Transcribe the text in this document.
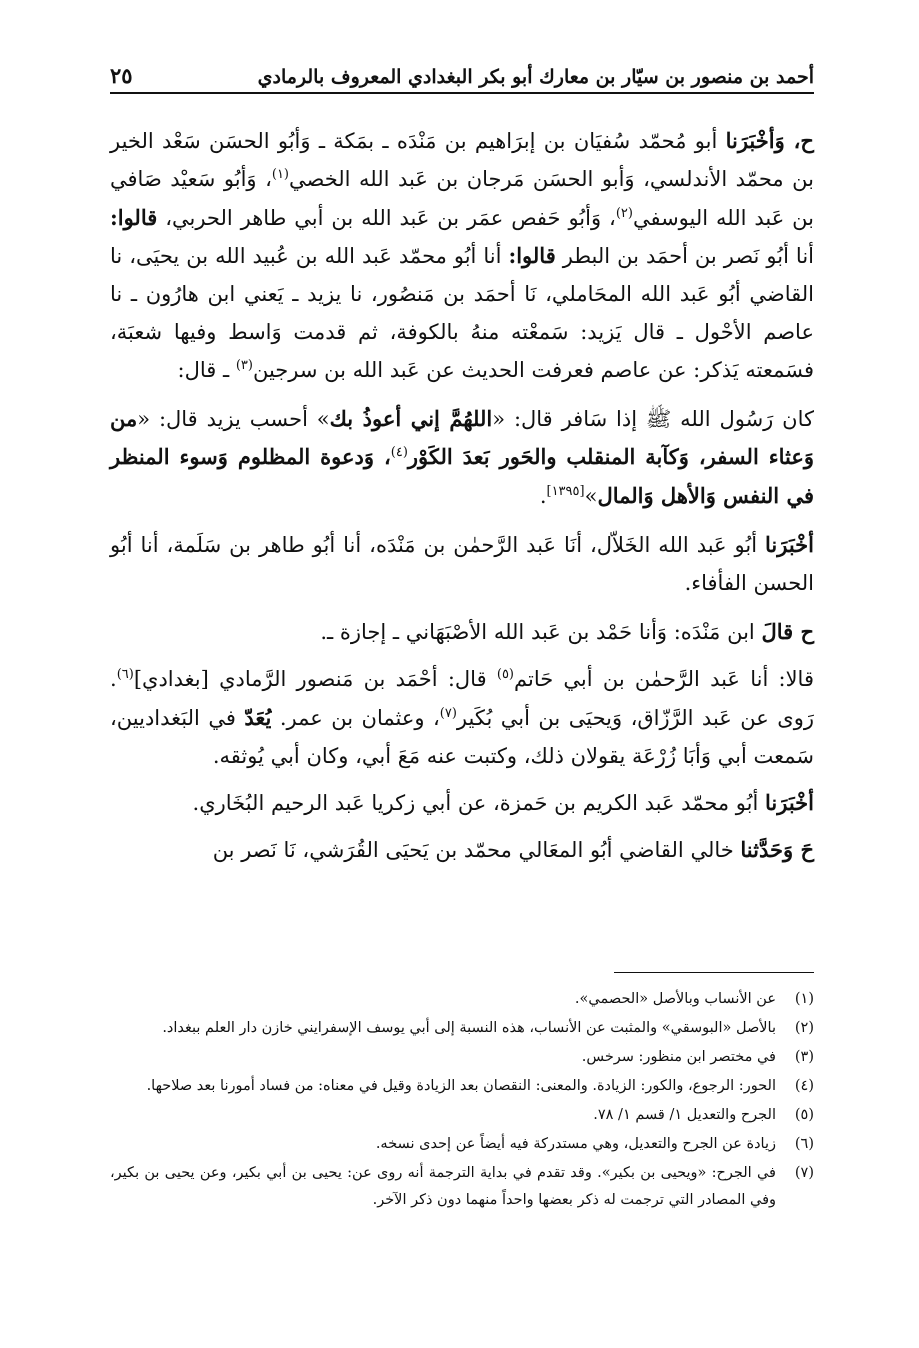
أحمد بن منصور بن سيّار بن معارك أبو بكر البغدادي المعروف بالرمادي
٢٥

ح، وَأخْبَرَنا أبو مُحمّد سُفيَان بن إبرَاهيم بن مَنْدَه ـ بمَكة ـ وَأبُو الحسَن سَعْد الخير بن محمّد الأندلسي، وَأبو الحسَن مَرجان بن عَبد الله الخصي$^{(١)}$، وَأبُو سَعيْد صَافي بن عَبد الله اليوسفي$^{(٢)}$، وَأبُو حَفص عمَر بن عَبد الله بن أبي طاهر الحربي، قالوا: أنا أبُو نَصر بن أحمَد بن البطر قالوا: أنا أبُو محمّد عَبد الله بن عُبيد الله بن يحيَى، نا القاضي أبُو عَبد الله المحَاملي، نَا أحمَد بن مَنصُور، نا يزيد ـ يَعني ابن هارُون ـ نا عاصم الأحْول ـ قال يَزيد: سَمعْته منهُ بالكوفة، ثم قدمت وَاسط وفيها شعبَة، فسَمعته يَذكر: عن عاصم فعرفت الحديث عن عَبد الله بن سرجين$^{(٣)}$ ـ قال:

كان رَسُول الله ﷺ إذا سَافر قال: «اللهُمَّ إني أعوذُ بك» أحسب يزيد قال: «من وَعثاء السفر، وَكآبة المنقلب والحَور بَعدَ الكَوْر$^{(٤)}$، وَدعوة المظلوم وَسوء المنظر في النفس وَالأهل وَالمال»[١٣٩٥].

أخْبَرَنا أبُو عَبد الله الخَلاّل، أنَا عَبد الرَّحمٰن بن مَنْدَه، أنا أبُو طاهر بن سَلَمة، أنا أبُو الحسن الفأفاء.

ح قالَ ابن مَنْدَه: وَأنا حَمْد بن عَبد الله الأصْبَهَاني ـ إجازة ـ.

قالا: أنا عَبد الرَّحمٰن بن أبي حَاتم$^{(٥)}$ قال: أحْمَد بن مَنصور الرَّمادي [بغدادي]$^{(٦)}$. رَوى عن عَبد الرَّزّاق، وَيحيَى بن أبي بُكَير$^{(٧)}$، وعثمان بن عمر. يُعَدّ في البَغداديين، سَمعت أبي وَأبَا زُرْعَة يقولان ذلك، وكتبت عنه مَعَ أبي، وكان أبي يُوثقه.

أخْبَرَنا أبُو محمّد عَبد الكريم بن حَمزة، عن أبي زكريا عَبد الرحيم البُخَاري.

حَ وَحَدَّثنا خالي القاضي أبُو المعَالي محمّد بن يَحيَى القُرَشي، نَا نَصر بن

(١)
عن الأنساب وبالأصل «الحصمي».
(٢)
بالأصل «البوسقي» والمثبت عن الأنساب، هذه النسبة إلى أبي يوسف الإسفرايني خازن دار العلم ببغداد.
(٣)
في مختصر ابن منظور: سرخس.
(٤)
الحور: الرجوع، والكور: الزيادة. والمعنى: النقصان بعد الزيادة وقيل في معناه: من فساد أمورنا بعد صلاحها.
(٥)
الجرح والتعديل ١/ قسم ١/ ٧٨.
(٦)
زيادة عن الجرح والتعديل، وهي مستدركة فيه أيضاً عن إحدى نسخه.
(٧)
في الجرح: «ويحيى بن بكير». وقد تقدم في بداية الترجمة أنه روى عن: يحيى بن أبي بكير، وعن يحيى بن بكير، وفي المصادر التي ترجمت له ذكر بعضها واحداً منهما دون ذكر الآخر.
